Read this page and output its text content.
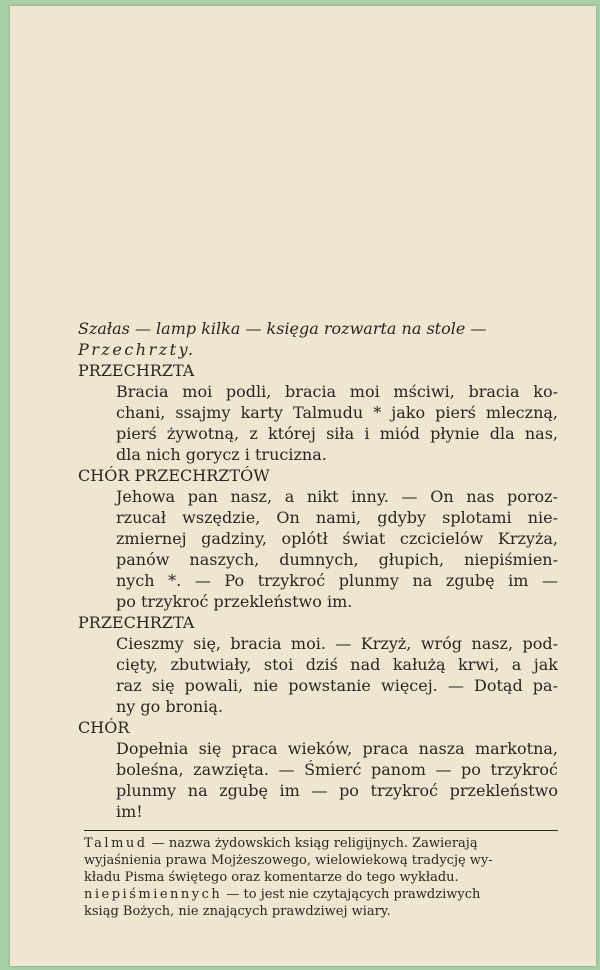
Szałas — lamp kilka — księga rozwarta na stole —
Przechrzty.
PRZECHRZTA
Bracia moi podli, bracia moi mściwi, bracia ko-
chani, ssajmy karty Talmudu * jako pierś mleczną,
pierś żywotną, z której siła i miód płynie dla nas,
dla nich gorycz i trucizna.
CHÓR PRZECHRZTÓW
Jehowa pan nasz, a nikt inny. — On nas poroz-
rzucał wszędzie, On nami, gdyby splotami nie-
zmiernej gadziny, oplótł świat czcicielów Krzyża,
panów naszych, dumnych, głupich, niepiśmien-
nych *. — Po trzykroć plunmy na zgubę im —
po trzykroć przekleństwo im.
PRZECHRZTA
Cieszmy się, bracia moi. — Krzyż, wróg nasz, pod-
cięty, zbutwiały, stoi dziś nad kałużą krwi, a jak
raz się powali, nie powstanie więcej. — Dotąd pa-
ny go bronią.
CHÓR
Dopełnia się praca wieków, praca nasza markotna,
boleśna, zawzięta. — Śmierć panom — po trzykroć
plunmy na zgubę im — po trzykroć przekleństwo
im!
Talmud — nazwa żydowskich ksiąg religijnych. Zawierają
wyjaśnienia prawa Mojżeszowego, wielowiekową tradycję wy-
kładu Pisma świętego oraz komentarze do tego wykładu.
niepiśmiennych — to jest nie czytających prawdziwych
ksiąg Bożych, nie znających prawdziwej wiary.
